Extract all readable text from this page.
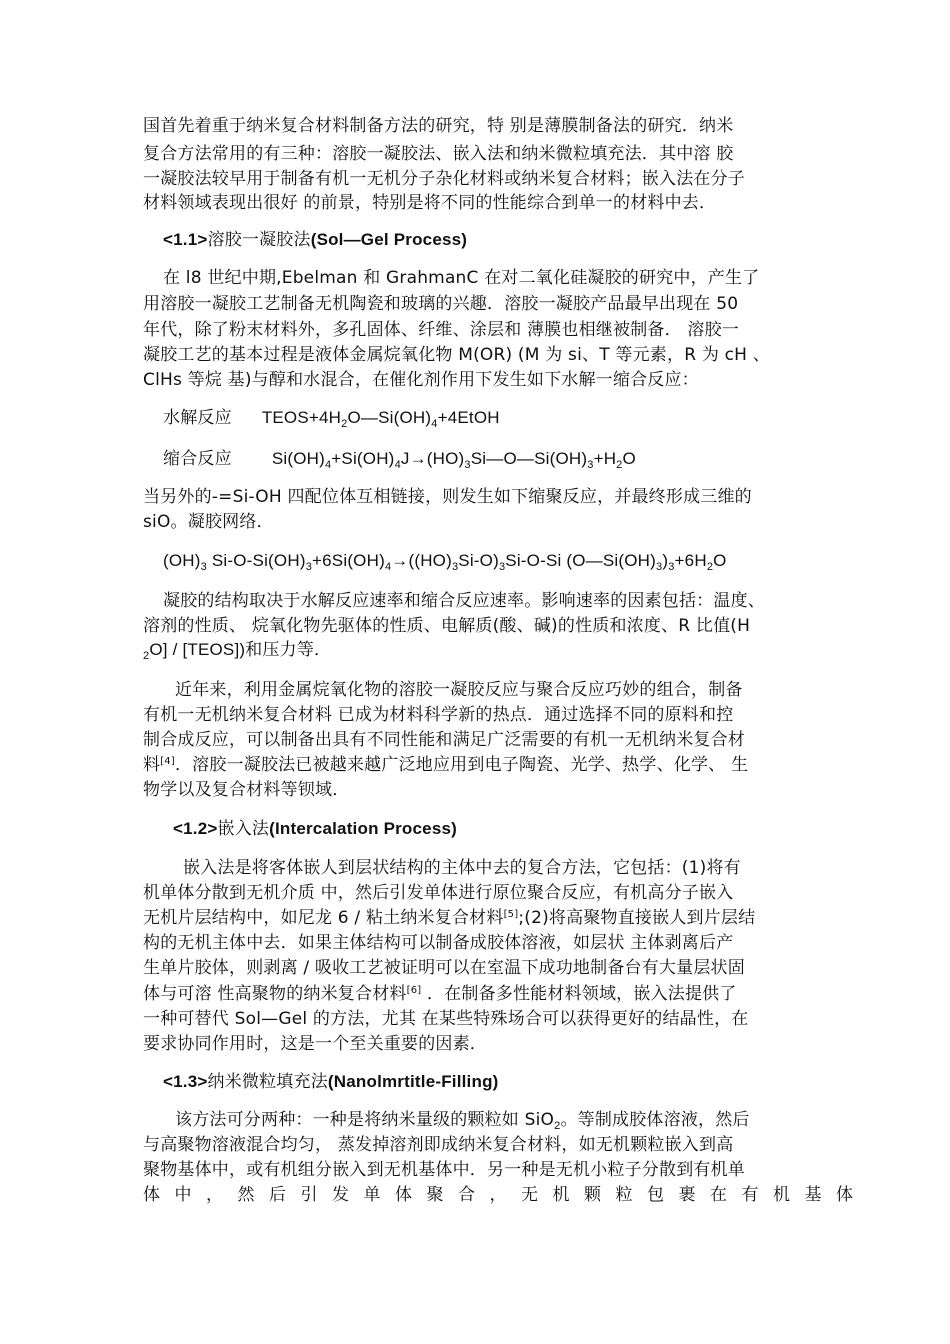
国首先着重于纳米复合材料制备方法的研究，特 别是薄膜制备法的研究．纳米
复合方法常用的有三种：溶胶一凝胶法、嵌入法和纳米微粒填充法．其中溶 胶
一凝胶法较早用于制备有机一无机分子杂化材料或纳米复合材料；嵌入法在分子
材料领域表现出很好 的前景，特别是将不同的性能综合到单一的材料中去．
<1.1>溶胶一凝胶法(Sol—Gel Process)
在 l8 世纪中期,Ebelman 和 GrahmanC 在对二氧化硅凝胶的研究中，产生了
用溶胶一凝胶工艺制备无机陶瓷和玻璃的兴趣．溶胶一凝胶产品最早出现在 50
年代，除了粉末材料外，多孔固体、纤维、涂层和 薄膜也相继被制备． 溶胶一
凝胶工艺的基本过程是液体金属烷氧化物 M(OR) (M 为 si、T 等元素，R 为 cH 、
ClHs 等烷 基)与醇和水混合，在催化剂作用下发生如下水解一缩合反应：
水解反应 $TEOS+4H_2O—Si(OH)_4+4EtOH$
缩合反应 $Si(OH)_4+Si(OH)_4J\to(HO)_3Si—O—Si(OH)_3+H_2O$
当另外的-=Si-OH 四配位体互相链接，则发生如下缩聚反应，并最终形成三维的
siO。凝胶网络．
$(OH)_3$ $Si-O-Si(OH)_3+6Si(OH)_4\to((HO)_3Si-O)_3Si-O-Si$ $(O—Si(OH)_3)_3+6H_2O$
凝胶的结构取决于水解反应速率和缩合反应速率。影响速率的因素包括：温度、
溶剂的性质、 烷氧化物先驱体的性质、电解质(酸、碱)的性质和浓度、R 比值(H
$_2$O] / [TEOS])和压力等．
近年来，利用金属烷氧化物的溶胶一凝胶反应与聚合反应巧妙的组合，制备
有机一无机纳米复合材料 已成为材料科学新的热点．通过选择不同的原料和控
制合成反应，可以制备出具有不同性能和满足广泛需要的有机一无机纳米复合材
料[4]．溶胶一凝胶法已被越来越广泛地应用到电子陶瓷、光学、热学、化学、 生
物学以及复合材料等钡域．
<1.2>嵌入法(Intercalation Process)
嵌入法是将客体嵌人到层状结构的主体中去的复合方法，它包括：(1)将有
机单体分散到无机介质 中，然后引发单体进行原位聚合反应，有机高分子嵌入
无机片层结构中，如尼龙 6 / 粘土纳米复合材料[5];(2)将高聚物直接嵌人到片层结
构的无机主体中去．如果主体结构可以制备成胶体溶液，如层状 主体剥离后产
生单片胶体，则剥离 / 吸收工艺被证明可以在室温下成功地制备台有大量层状固
体与可溶 性高聚物的纳米复合材料[6] ．在制备多性能材料领域，嵌入法提供了
一种可替代 Sol—Gel 的方法，尤其 在某些特殊场合可以获得更好的结晶性，在
要求协同作用时，这是一个至关重要的因素．
<1.3>纳米微粒填充法(Nanolmrtitle-Filling)
该方法可分两种：一种是将纳米量级的颗粒如 SiO$_2$。等制成胶体溶液，然后
与高聚物溶液混合均匀， 蒸发掉溶剂即成纳米复合材料，如无机颗粒嵌入到高
聚物基体中，或有机组分嵌入到无机基体中．另一种是无机小粒子分散到有机单
体中，然后引发单体聚合，无机颗粒包裹在有机基体
